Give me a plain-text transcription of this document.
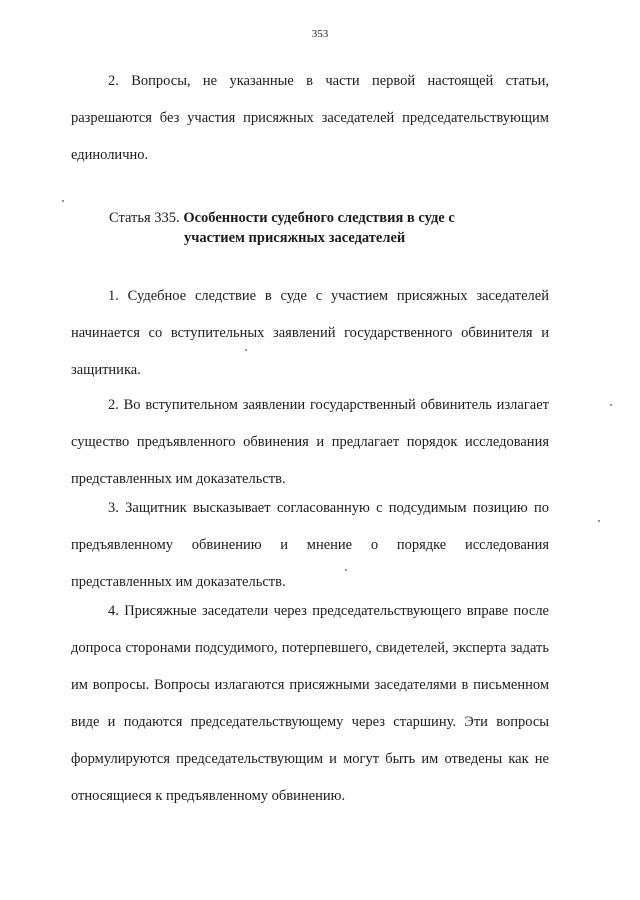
353

2. Вопросы, не указанные в части первой настоящей статьи, разрешаются без участия присяжных заседателей председательствующим единолично.

Статья 335. Особенности судебного следствия в суде с
участием присяжных заседателей

1. Судебное следствие в суде с участием присяжных заседателей начинается со вступительных заявлений государственного обвинителя и защитника.

2. Во вступительном заявлении государственный обвинитель излагает существо предъявленного обвинения и предлагает порядок исследования представленных им доказательств.

3. Защитник высказывает согласованную с подсудимым позицию по предъявленному обвинению и мнение о порядке исследования представленных им доказательств.

4. Присяжные заседатели через председательствующего вправе после допроса сторонами подсудимого, потерпевшего, свидетелей, эксперта задать им вопросы. Вопросы излагаются присяжными заседателями в письменном виде и подаются председательствующему через старшину. Эти вопросы формулируются председательствующим и могут быть им отведены как не относящиеся к предъявленному обвинению.
